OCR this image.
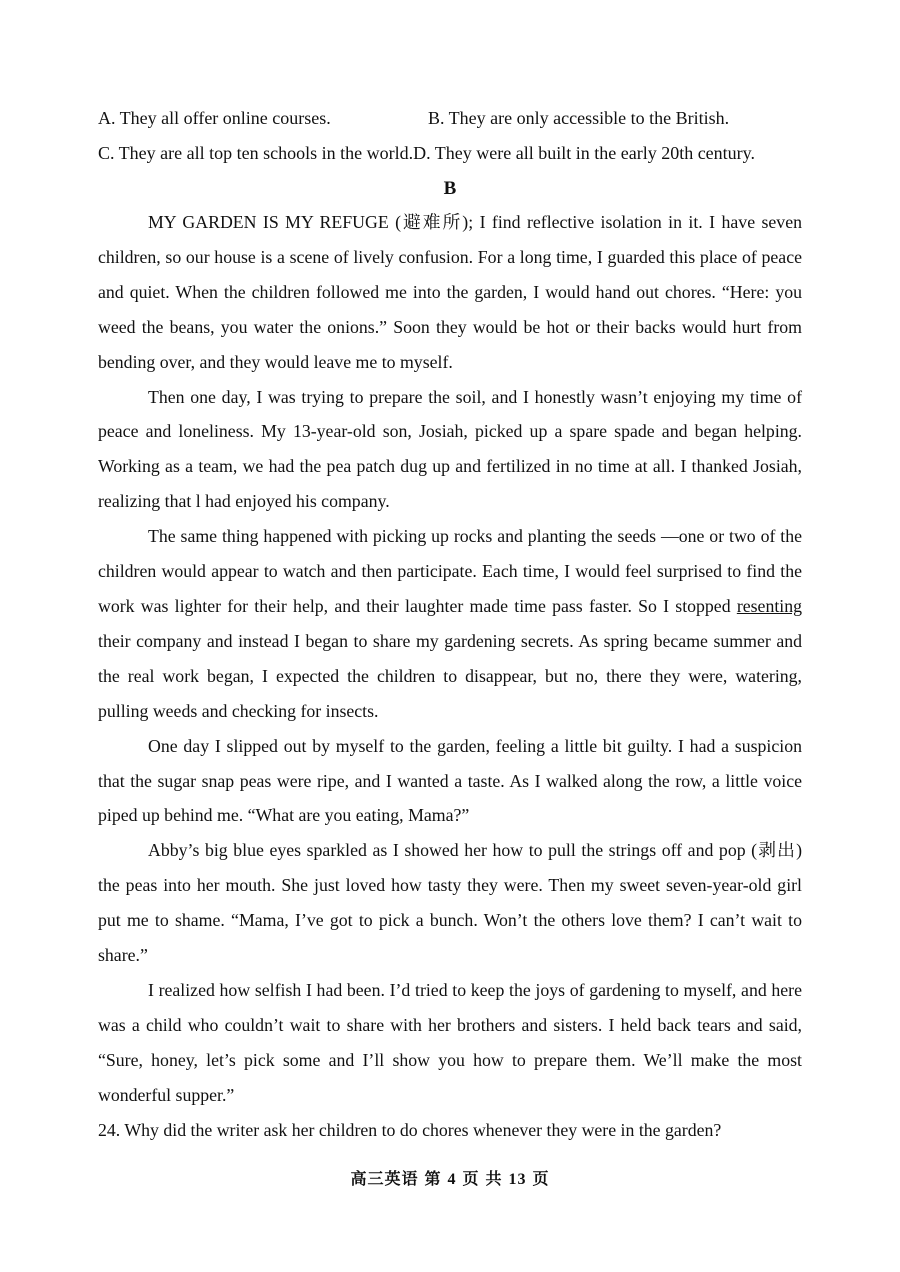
A. They all offer online courses.	B. They are only accessible to the British.
C. They are all top ten schools in the world.D. They were all built in the early 20th century.
B

MY GARDEN IS MY REFUGE (避难所); I find reflective isolation in it. I have seven children, so our house is a scene of lively confusion. For a long time, I guarded this place of peace and quiet. When the children followed me into the garden, I would hand out chores. “Here: you weed the beans, you water the onions.” Soon they would be hot or their backs would hurt from bending over, and they would leave me to myself.

Then one day, I was trying to prepare the soil, and I honestly wasn’t enjoying my time of peace and loneliness. My 13-year-old son, Josiah, picked up a spare spade and began helping. Working as a team, we had the pea patch dug up and fertilized in no time at all. I thanked Josiah, realizing that l had enjoyed his company.

The same thing happened with picking up rocks and planting the seeds —one or two of the children would appear to watch and then participate. Each time, I would feel surprised to find the work was lighter for their help, and their laughter made time pass faster. So I stopped resenting their company and instead I began to share my gardening secrets. As spring became summer and the real work began, I expected the children to disappear, but no, there they were, watering, pulling weeds and checking for insects.

One day I slipped out by myself to the garden, feeling a little bit guilty. I had a suspicion that the sugar snap peas were ripe, and I wanted a taste. As I walked along the row, a little voice piped up behind me. “What are you eating, Mama?”

Abby’s big blue eyes sparkled as I showed her how to pull the strings off and pop (剥出) the peas into her mouth. She just loved how tasty they were. Then my sweet seven-year-old girl put me to shame. “Mama, I’ve got to pick a bunch. Won’t the others love them? I can’t wait to share.”

I realized how selfish I had been. I’d tried to keep the joys of gardening to myself, and here was a child who couldn’t wait to share with her brothers and sisters. I held back tears and said, “Sure, honey, let’s pick some and I’ll show you how to prepare them. We’ll make the most wonderful supper.”

24. Why did the writer ask her children to do chores whenever they were in the garden?
高三英语 第 4 页 共 13 页
